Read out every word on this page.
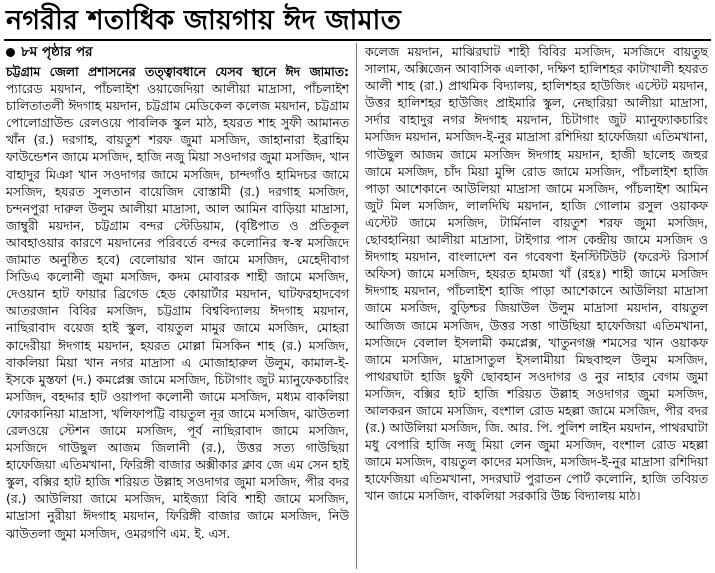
নগরীর শতাধিক জায়গায় ঈদ জামাত
৮ম পৃষ্ঠার পর

চট্টগ্রাম জেলা প্রশাসনের তত্ত্বাবধানে যেসব স্থানে ঈদ জামাত: প্যারেড ময়দান, পাঁচলাইশ ওয়াজেদিয়া আলীয়া মাদ্রাসা, পাঁচলাইশ চালিতাতলী ঈদগাহ ময়দান, চট্টগ্রাম মেডিকেল কলেজ ময়দান, চট্টগ্রাম পোলোগ্রাউন্ড রেলওয়ে পাবলিক স্কুল মাঠ, হযরত শাহ সুফী আমানত খাঁন (র.) দরগাহ, বায়তুশ শরফ জুমা মসজিদ, জাহানারা ইব্রাহিম ফাউন্ডেশন জামে মসজিদ, হাজি নজু মিয়া সওদাগর জুমা মসজিদ, খান বাহাদুর মিঞা খান সওদাগর জামে মসজিদ, চান্দগাঁও হামিদচর জামে মসজিদ, হযরত সুলতান বায়েজিদ বোস্তামী (র.) দরগাহ মসজিদ, চন্দনপুরা দারুল উলুম আলীয়া মাদ্রাসা, আল আমিন বাড়িয়া মাদ্রাসা, জাম্বুরী ময়দান, চট্টগ্রাম বন্দর স্টেডিয়াম, (বৃষ্টিপাত ও প্রতিকূল আবহাওয়ার কারণে ময়দানের পরিবর্তে বন্দর কলোনির স্ব-স্ব মসজিদে জামাত অনুষ্ঠিত হবে) বেলোয়ার খান জামে মসজিদ, মেহেদীবাগ সিডিএ কলোনী জুমা মসজিদ, কদম মোবারক শাহী জামে মসজিদ, দেওয়ান হাট ফায়ার ব্রিগেড হেড কোয়ার্টার ময়দান, ঘাটফরহাদবেগ আতরজান বিবির মসজিদ, চট্টগ্রাম বিশ্ববিদ্যালয় ঈদগাহ ময়দান, নাছিরাবাদ বয়েজ হাই স্কুল, বায়তুল মামুর জামে মসজিদ, মোহরা কাদেরীয়া ঈদগাহ ময়দান, হযরত মোল্লা মিসকিন শাহ (র.) মসজিদ, বাকলিয়া মিয়া খান নগর মাদ্রাসা এ মোজাহারুল উলুম, কামাল-ই-ইসকে মুস্তফা (দ.) কমপ্লেক্স জামে মসজিদ, চিটাগাং জুট ম্যানুফেকচারিং মসজিদ, বহদ্দার হাট ওয়াপদা কলোনী জামে মসজিদ, মধ্যম বাকলিয়া ফোরকানিয়া মাদ্রাসা, খলিফাপট্টি বায়তুল নূর জামে মসজিদ, ঝাউতলা রেলওয়ে স্টেশন জামে মসজিদ, পূর্ব নাছিরাবাদ জামে মসজিদ, মসজিদে গাউছুল আজম জিলানী (র.), উত্তর সত্য গাউছিয়া হাফেজিয়া এতিমখানা, ফিরিঙ্গী বাজার অক্সীকার ক্লাব জে এম সেন হাই স্কুল, বক্সির হাট হাজি শরিয়ত উল্লাহ সওদাগর জুমা মসজিদ, পীর বদর (র.) আউলিয়া জামে মসজিদ, মাইজ্যা বিবি শাহী জামে মসজিদ, মাদ্রাসা নুরীয়া ঈদগাহ ময়দান, ফিরিঙ্গী বাজার জামে মসজিদ, নিউ ঝাউতলা জুমা মসজিদ, ওমরগণি এম. ই. এস.

কলেজ ময়দান, মাঝিরঘাট শাহী বিবির মসজিদ, মসজিদে বায়তুছ সালাম, অক্সিজেন আবাসিক এলাকা, দক্ষিণ হালিশহর কাটাখালী হযরত আলী শাহ (রা.) প্রাথমিক বিদ্যালয়, হালিশহর হাউজিং এস্টেট ময়দান, উত্তর হালিশহর হাউজিং প্রাইমারি স্কুল, নেছারিয়া আলীয়া মাদ্রাসা, সর্দার বাহাদুর নগর ঈদগাহ ময়দান, চিটাগাং জুট ম্যানুফ্যাকচারিং মসজিদ ময়দান, মসজিদ-ই-নুর মাদ্রাসা রশিদিয়া হাফেজিয়া এতিমখানা, গাউছুল আজম জামে মসজিদ ঈদগাহ ময়দান, হাজী ছালেহ জহুর জামে মসজিদ, চাঁদ মিয়া মুন্সি রোড জামে মসজিদ, পাঁচলাইশ হাজি পাড়া আশেকানে আউলিয়া মাদ্রাসা জামে মসজিদ, পাঁচলাইশ আমিন জুট মিল মসজিদ, লালদিঘি ময়দান, হাজি গোলাম রসুল ওয়াকফ এস্টেট জামে মসজিদ, টার্মিনাল বায়তুশ শরফ জুমা মসজিদ, ছোবহানিয়া আলীয়া মাদ্রাসা, টাইগার পাস কেন্দ্রীয় জামে মসজিদ ও ঈদগাহ ময়দান, বাংলাদেশ বন গবেষণা ইনস্টিটিউট (ফরেস্ট রিসার্স অফিস) জামে মসজিদ, হযরত হামজা খাঁ (রহঃ) শাহী জামে মসজিদ ঈদগাহ ময়দান, পাঁচলাইশ হাজি পাড়া আশেকানে আউলিয়া মাদ্রাসা জামে মসজিদ, বুড়িশ্চর জিয়াউল উলুম মাদ্রাসা ময়দান, বায়তুল আজিজ জামে মসজিদ, উত্তর সত্তা গাউছিয়া হাফেজিয়া এতিমখানা, মসজিদে বেলাল ইসলামী কমপ্লেক্স, খাতুনগঞ্জ শমসের খান ওয়াকফ জামে মসজিদ, মাদ্রাসাতুল ইসলামীয়া মিছবাহুল উলুম মসজিদ, পাথরঘাটা হাজি ছুফী ছোবহান সওদাগর ও নুর নাহার বেগম জুমা মসজিদ, বক্সির হাট হাজি শরিয়ত উল্লাহ সওদাগর জুমা মসজিদ, আলকরন জামে মসজিদ, বংশাল রোড মহল্লা জামে মসজিদ, পীর বদর (র.) আউলিয়া মসজিদ, জি. আর. পি. পুলিশ লাইন ময়দান, পাথরঘাটা মধু বেপারি হাজি নজু মিয়া লেন জুমা মসজিদ, বংশাল রোড মহল্লা জামে মসজিদ, বায়তুল কাদের মসজিদ, মসজিদ-ই-নুর মাদ্রাসা রশিদিয়া হাফেজিয়া এতিমখানা, সদরঘাট পুরাতন পোর্ট কলোনি, হাজি তবিয়ত খান জামে মসজিদ, বাকলিয়া সরকারি উচ্চ বিদ্যালয় মাঠ।
